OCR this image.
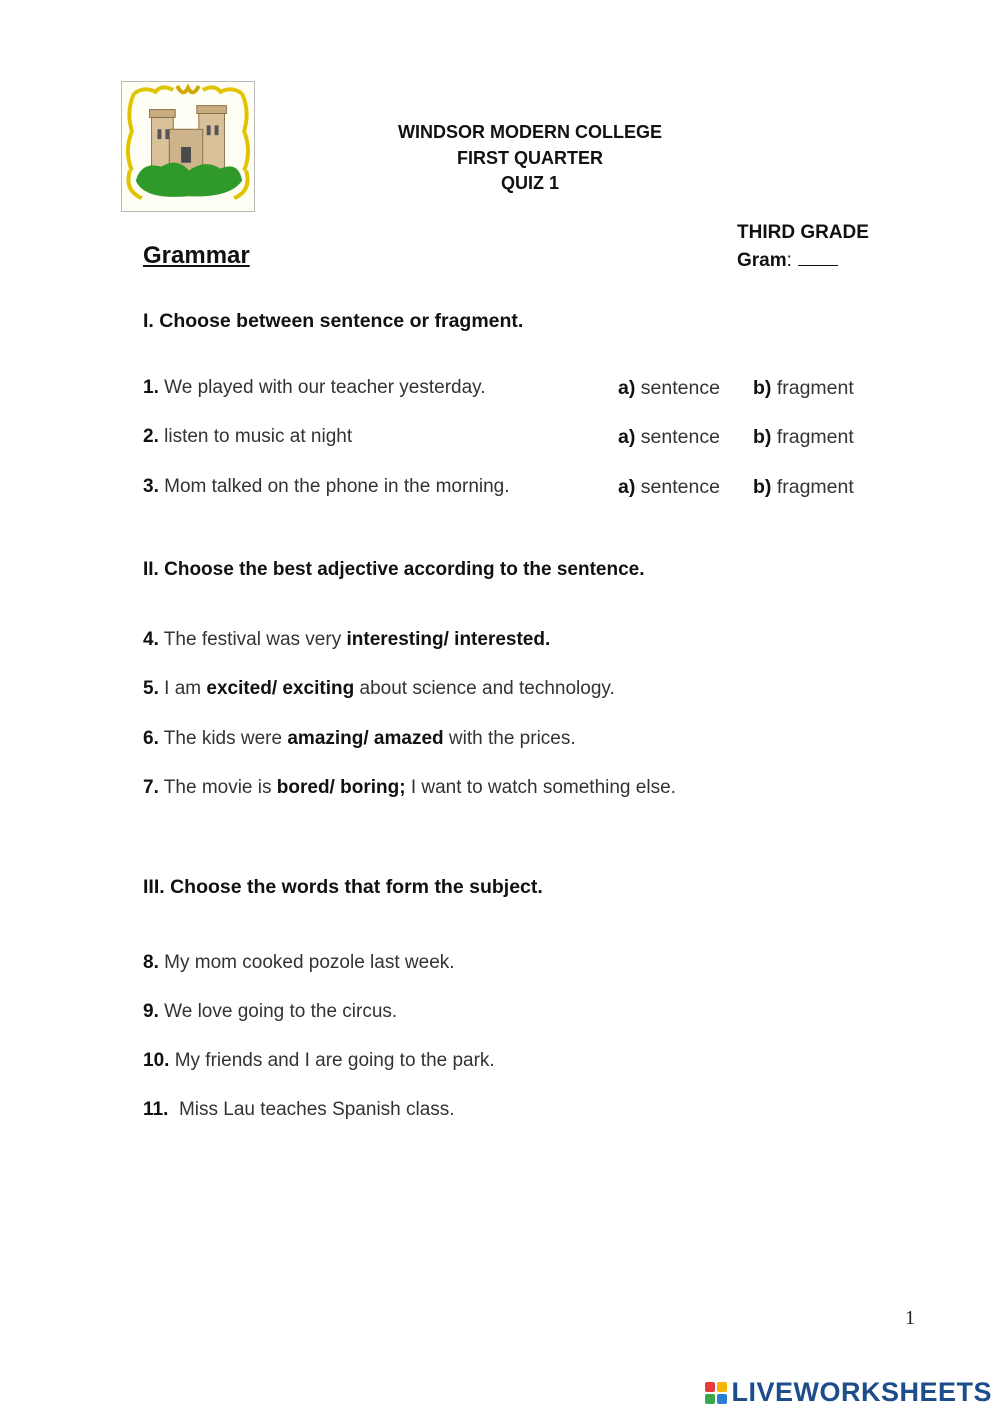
WINDSOR MODERN COLLEGE
FIRST QUARTER
QUIZ 1
THIRD GRADE
Gram:
Grammar
I. Choose between sentence or fragment.
1. We played with our teacher yesterday.	a) sentence b) fragment
2. listen to music at night	a) sentence b) fragment
3. Mom talked on the phone in the morning.	a) sentence b) fragment
II. Choose the best adjective according to the sentence.
4. The festival was very interesting/ interested.
5. I am excited/ exciting about science and technology.
6. The kids were amazing/ amazed with the prices.
7. The movie is bored/ boring; I want to watch something else.
III. Choose the words that form the subject.
8. My mom cooked pozole last week.
9. We love going to the circus.
10. My friends and I are going to the park.
11. Miss Lau teaches Spanish class.
1
LIVEWORKSHEETS
